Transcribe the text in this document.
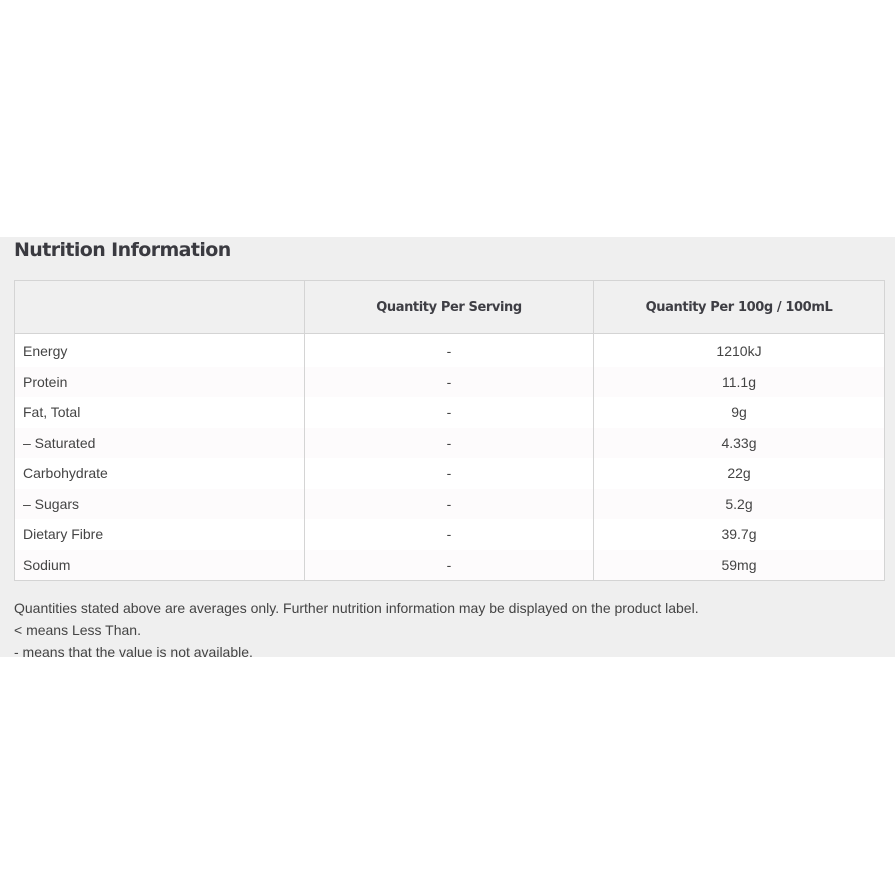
Nutrition Information
	Quantity Per Serving	Quantity Per 100g / 100mL
Energy	-	1210kJ
Protein	-	11.1g
Fat, Total	-	9g
– Saturated	-	4.33g
Carbohydrate	-	22g
– Sugars	-	5.2g
Dietary Fibre	-	39.7g
Sodium	-	59mg
Quantities stated above are averages only. Further nutrition information may be displayed on the product label.
< means Less Than.
- means that the value is not available.
